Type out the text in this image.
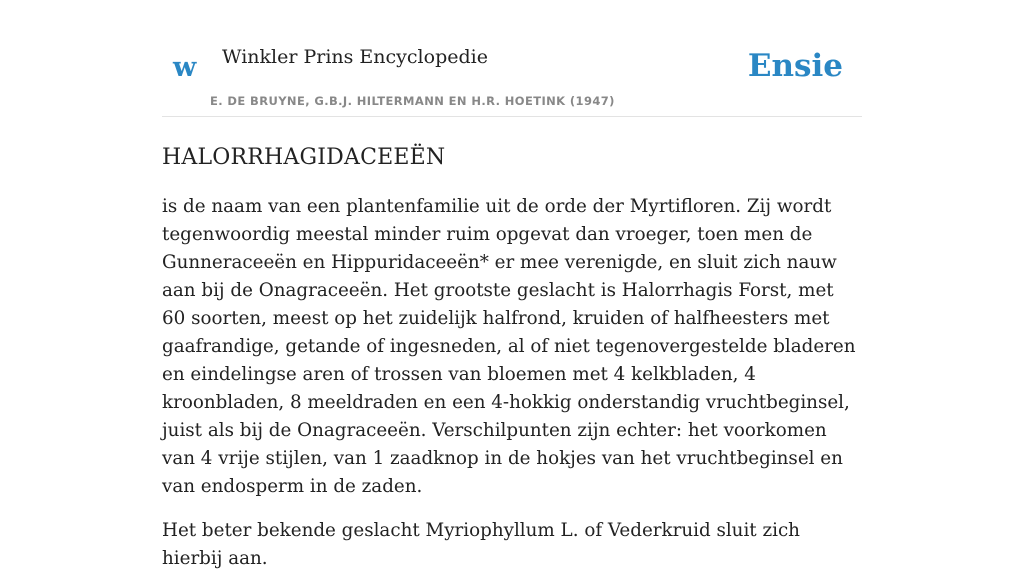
w Winkler Prins Encyclopedie
E. DE BRUYNE, G.B.J. HILTERMANN EN H.R. HOETINK (1947)
Ensie
HALORRHAGIDACEEËN

is de naam van een plantenfamilie uit de orde der Myrtifloren. Zij wordt tegenwoordig meestal minder ruim opgevat dan vroeger, toen men de Gunneraceeën en Hippuridaceeën* er mee verenigde, en sluit zich nauw aan bij de Onagraceeën. Het grootste geslacht is Halorrhagis Forst, met 60 soorten, meest op het zuidelijk halfrond, kruiden of halfheesters met gaafrandige, getande of ingesneden, al of niet tegenovergestelde bladeren en eindelingse aren of trossen van bloemen met 4 kelkbladen, 4 kroonbladen, 8 meeldraden en een 4-hokkig onderstandig vruchtbeginsel, juist als bij de Onagraceeën. Verschilpunten zijn echter: het voorkomen van 4 vrije stijlen, van 1 zaadknop in de hokjes van het vruchtbeginsel en van endosperm in de zaden.

Het beter bekende geslacht Myriophyllum L. of Vederkruid sluit zich hierbij aan.
